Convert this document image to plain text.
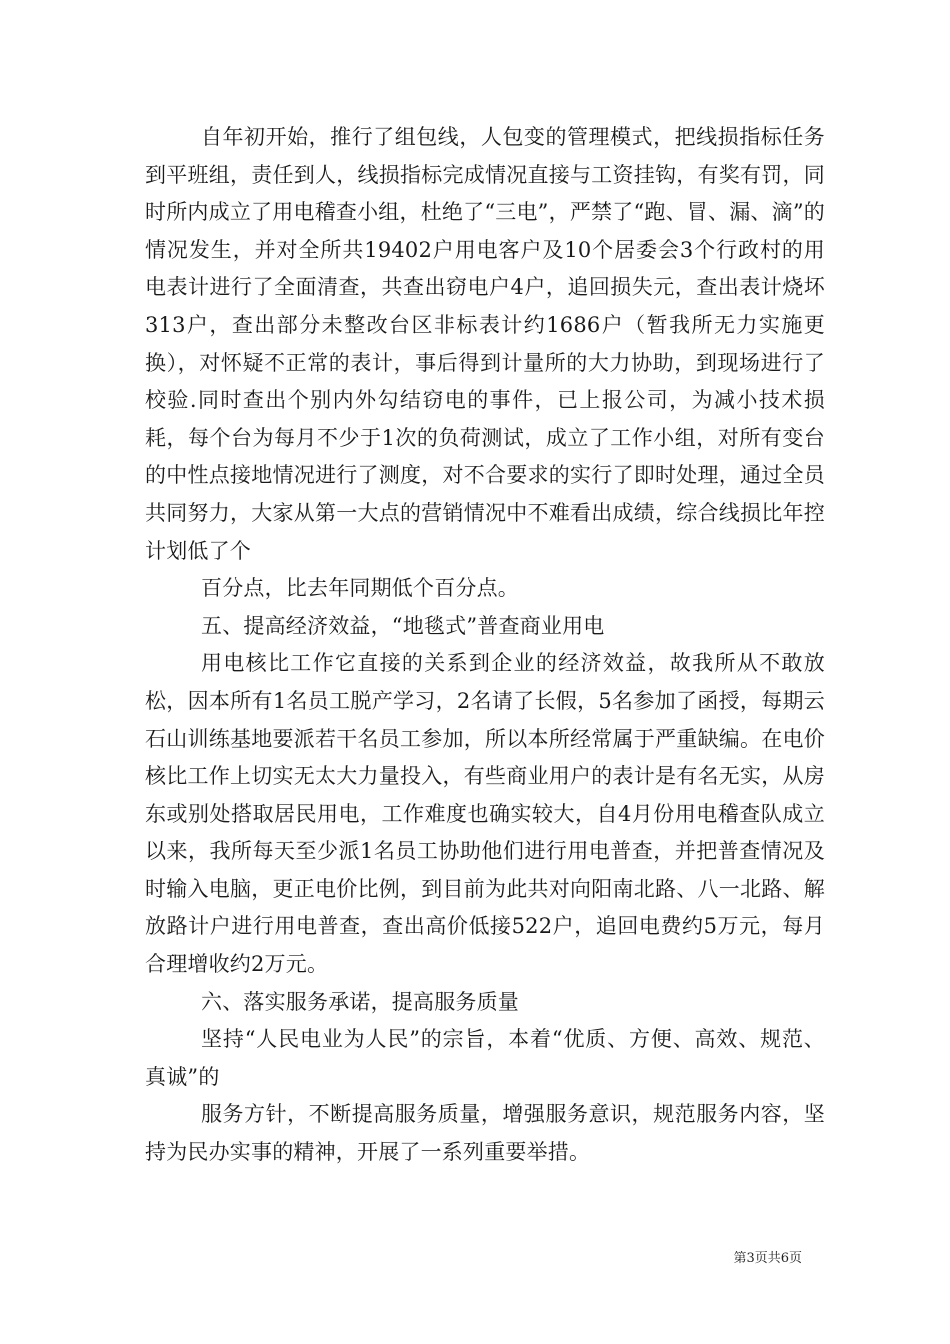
自年初开始，推行了组包线，人包变的管理模式，把线损指标任务到平班组，责任到人，线损指标完成情况直接与工资挂钩，有奖有罚，同时所内成立了用电稽查小组，杜绝了“三电”，严禁了“跑、冒、漏、滴”的情况发生，并对全所共19402户用电客户及10个居委会3个行政村的用电表计进行了全面清查，共查出窃电户4户，追回损失元，查出表计烧坏313户，查出部分未整改台区非标表计约1686户（暂我所无力实施更换），对怀疑不正常的表计，事后得到计量所的大力协助，到现场进行了校验.同时查出个别内外勾结窃电的事件，已上报公司，为减小技术损耗，每个台为每月不少于1次的负荷测试，成立了工作小组，对所有变台的中性点接地情况进行了测度，对不合要求的实行了即时处理，通过全员共同努力，大家从第一大点的营销情况中不难看出成绩，综合线损比年控计划低了个

百分点，比去年同期低个百分点。

五、提高经济效益，“地毯式”普查商业用电

用电核比工作它直接的关系到企业的经济效益，故我所从不敢放松，因本所有1名员工脱产学习，2名请了长假，5名参加了函授，每期云石山训练基地要派若干名员工参加，所以本所经常属于严重缺编。在电价核比工作上切实无太大力量投入，有些商业用户的表计是有名无实，从房东或别处搭取居民用电，工作难度也确实较大，自4月份用电稽查队成立以来，我所每天至少派1名员工协助他们进行用电普查，并把普查情况及时输入电脑，更正电价比例，到目前为此共对向阳南北路、八一北路、解放路计户进行用电普查，查出高价低接522户，追回电费约5万元，每月合理增收约2万元。

六、落实服务承诺，提高服务质量

坚持“人民电业为人民”的宗旨，本着“优质、方便、高效、规范、真诚”的

服务方针，不断提高服务质量，增强服务意识，规范服务内容，坚持为民办实事的精神，开展了一系列重要举措。

第3页共6页
